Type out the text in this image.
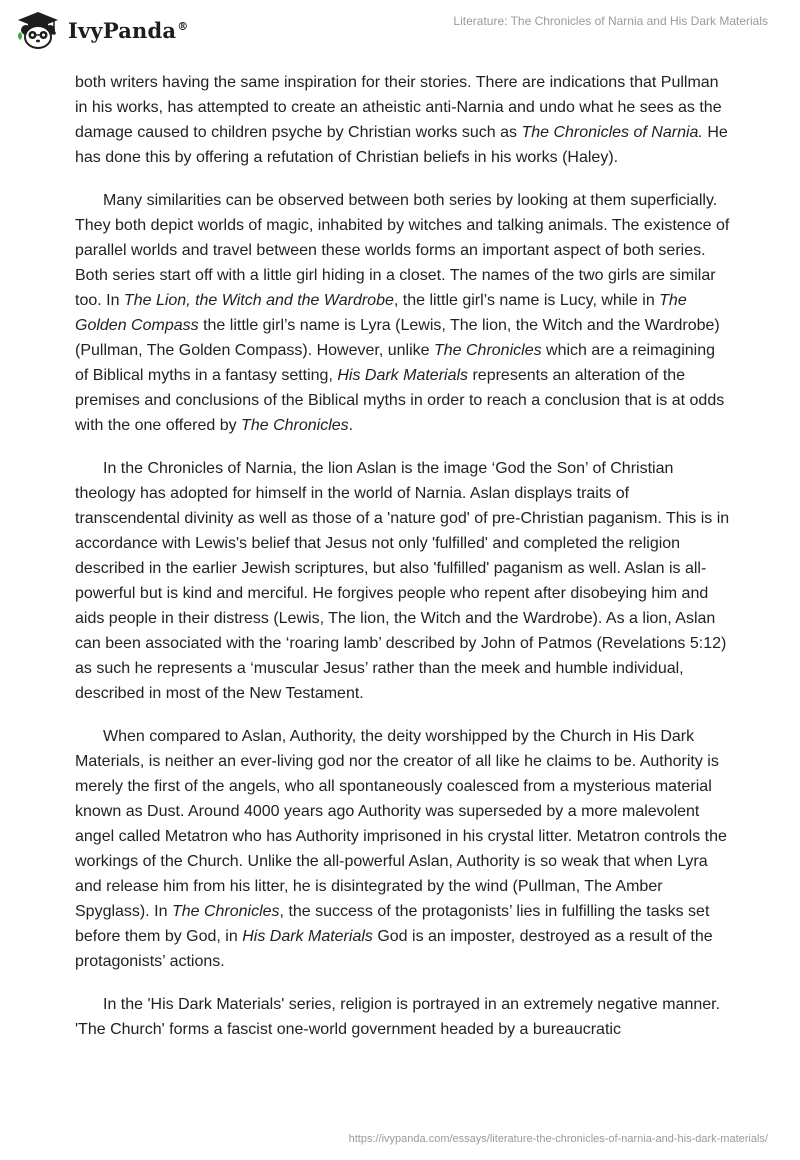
IvyPanda®	Literature: The Chronicles of Narnia and His Dark Materials

both writers having the same inspiration for their stories. There are indications that Pullman in his works, has attempted to create an atheistic anti-Narnia and undo what he sees as the damage caused to children psyche by Christian works such as The Chronicles of Narnia. He has done this by offering a refutation of Christian beliefs in his works (Haley).

Many similarities can be observed between both series by looking at them superficially. They both depict worlds of magic, inhabited by witches and talking animals. The existence of parallel worlds and travel between these worlds forms an important aspect of both series. Both series start off with a little girl hiding in a closet. The names of the two girls are similar too. In The Lion, the Witch and the Wardrobe, the little girl’s name is Lucy, while in The Golden Compass the little girl’s name is Lyra (Lewis, The lion, the Witch and the Wardrobe) (Pullman, The Golden Compass). However, unlike The Chronicles which are a reimagining of Biblical myths in a fantasy setting, His Dark Materials represents an alteration of the premises and conclusions of the Biblical myths in order to reach a conclusion that is at odds with the one offered by The Chronicles.

In the Chronicles of Narnia, the lion Aslan is the image ‘God the Son’ of Christian theology has adopted for himself in the world of Narnia. Aslan displays traits of transcendental divinity as well as those of a 'nature god' of pre-Christian paganism. This is in accordance with Lewis's belief that Jesus not only 'fulfilled' and completed the religion described in the earlier Jewish scriptures, but also 'fulfilled' paganism as well. Aslan is all-powerful but is kind and merciful. He forgives people who repent after disobeying him and aids people in their distress (Lewis, The lion, the Witch and the Wardrobe). As a lion, Aslan can been associated with the ‘roaring lamb’ described by John of Patmos (Revelations 5:12) as such he represents a ‘muscular Jesus’ rather than the meek and humble individual, described in most of the New Testament.

When compared to Aslan, Authority, the deity worshipped by the Church in His Dark Materials, is neither an ever-living god nor the creator of all like he claims to be. Authority is merely the first of the angels, who all spontaneously coalesced from a mysterious material known as Dust. Around 4000 years ago Authority was superseded by a more malevolent angel called Metatron who has Authority imprisoned in his crystal litter. Metatron controls the workings of the Church. Unlike the all-powerful Aslan, Authority is so weak that when Lyra and release him from his litter, he is disintegrated by the wind (Pullman, The Amber Spyglass). In The Chronicles, the success of the protagonists’ lies in fulfilling the tasks set before them by God, in His Dark Materials God is an imposter, destroyed as a result of the protagonists’ actions.

In the 'His Dark Materials' series, religion is portrayed in an extremely negative manner. 'The Church' forms a fascist one-world government headed by a bureaucratic

https://ivypanda.com/essays/literature-the-chronicles-of-narnia-and-his-dark-materials/
